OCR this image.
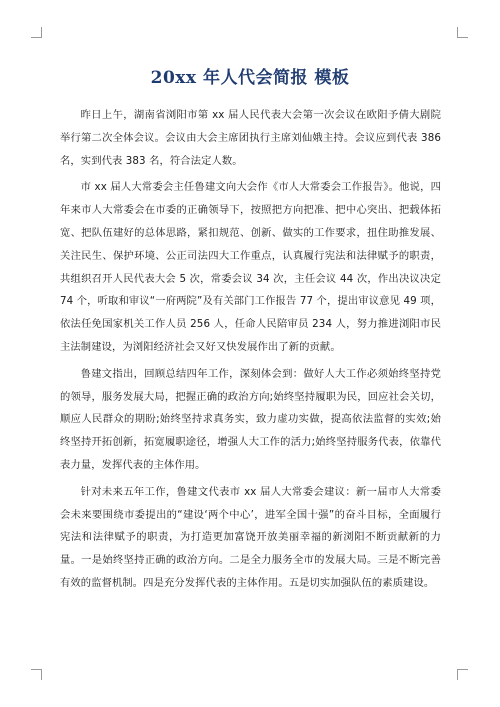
20xx 年人代会简报 模板

昨日上午，湖南省浏阳市第 xx 届人民代表大会第一次会议在欧阳予倩大剧院举行第二次全体会议。会议由大会主席团执行主席刘仙娥主持。会议应到代表 386 名，实到代表 383 名，符合法定人数。

市 xx 届人大常委会主任鲁建文向大会作《市人大常委会工作报告》。他说，四年来市人大常委会在市委的正确领导下，按照把方向把准、把中心突出、把载体拓宽、把队伍建好的总体思路，紧扣规范、创新、做实的工作要求，扭住助推发展、关注民生、保护环境、公正司法四大工作重点，认真履行宪法和法律赋予的职责，共组织召开人民代表大会 5 次，常委会议 34 次，主任会议 44 次，作出决议决定 74 个，听取和审议“一府两院”及有关部门工作报告 77 个，提出审议意见 49 项，依法任免国家机关工作人员 256 人，任命人民陪审员 234 人，努力推进浏阳市民主法制建设，为浏阳经济社会又好又快发展作出了新的贡献。

鲁建文指出，回顾总结四年工作，深刻体会到：做好人大工作必须始终坚持党的领导，服务发展大局，把握正确的政治方向;始终坚持履职为民，回应社会关切，顺应人民群众的期盼;始终坚持求真务实，致力虚功实做，提高依法监督的实效;始终坚持开拓创新，拓宽履职途径，增强人大工作的活力;始终坚持服务代表，依靠代表力量，发挥代表的主体作用。

针对未来五年工作，鲁建文代表市 xx 届人大常委会建议：新一届市人大常委会未来要围绕市委提出的“建设‘两个中心’，进军全国十强”的奋斗目标，全面履行宪法和法律赋予的职责，为打造更加富饶开放美丽幸福的新浏阳不断贡献新的力量。一是始终坚持正确的政治方向。二是全力服务全市的发展大局。三是不断完善有效的监督机制。四是充分发挥代表的主体作用。五是切实加强队伍的素质建设。
